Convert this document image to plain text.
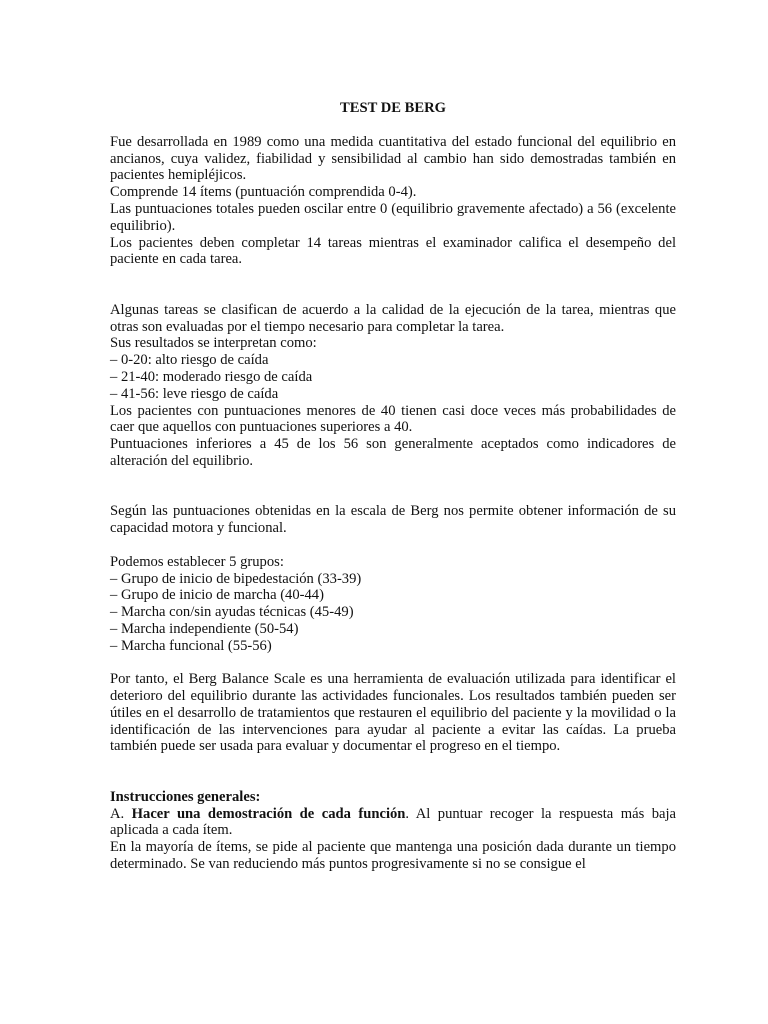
TEST DE BERG

Fue desarrollada en 1989 como una medida cuantitativa del estado funcional del equilibrio en ancianos, cuya validez, fiabilidad y sensibilidad al cambio han sido demostradas también en pacientes hemipléjicos.

Comprende 14 ítems (puntuación comprendida 0-4).

Las puntuaciones totales pueden oscilar entre 0 (equilibrio gravemente afectado) a 56 (excelente equilibrio).

Los pacientes deben completar 14 tareas mientras el examinador califica el desempeño del paciente en cada tarea.

Algunas tareas se clasifican de acuerdo a la calidad de la ejecución de la tarea, mientras que otras son evaluadas por el tiempo necesario para completar la tarea.

Sus resultados se interpretan como:

– 0-20: alto riesgo de caída

– 21-40: moderado riesgo de caída

– 41-56: leve riesgo de caída

Los pacientes con puntuaciones menores de 40 tienen casi doce veces más probabilidades de caer que aquellos con puntuaciones superiores a 40.

Puntuaciones inferiores a 45 de los 56 son generalmente aceptados como indicadores de alteración del equilibrio.

Según las puntuaciones obtenidas en la escala de Berg nos permite obtener información de su capacidad motora y funcional.

Podemos establecer 5 grupos:

– Grupo de inicio de bipedestación (33-39)

– Grupo de inicio de marcha (40-44)

– Marcha con/sin ayudas técnicas (45-49)

– Marcha independiente (50-54)

– Marcha funcional (55-56)

Por tanto, el Berg Balance Scale es una herramienta de evaluación utilizada para identificar el deterioro del equilibrio durante las actividades funcionales. Los resultados también pueden ser útiles en el desarrollo de tratamientos que restauren el equilibrio del paciente y la movilidad o la identificación de las intervenciones para ayudar al paciente a evitar las caídas. La prueba también puede ser usada para evaluar y documentar el progreso en el tiempo.

Instrucciones generales:

A. Hacer una demostración de cada función. Al puntuar recoger la respuesta más baja aplicada a cada ítem.

En la mayoría de ítems, se pide al paciente que mantenga una posición dada durante un tiempo determinado. Se van reduciendo más puntos progresivamente si no se consigue el
